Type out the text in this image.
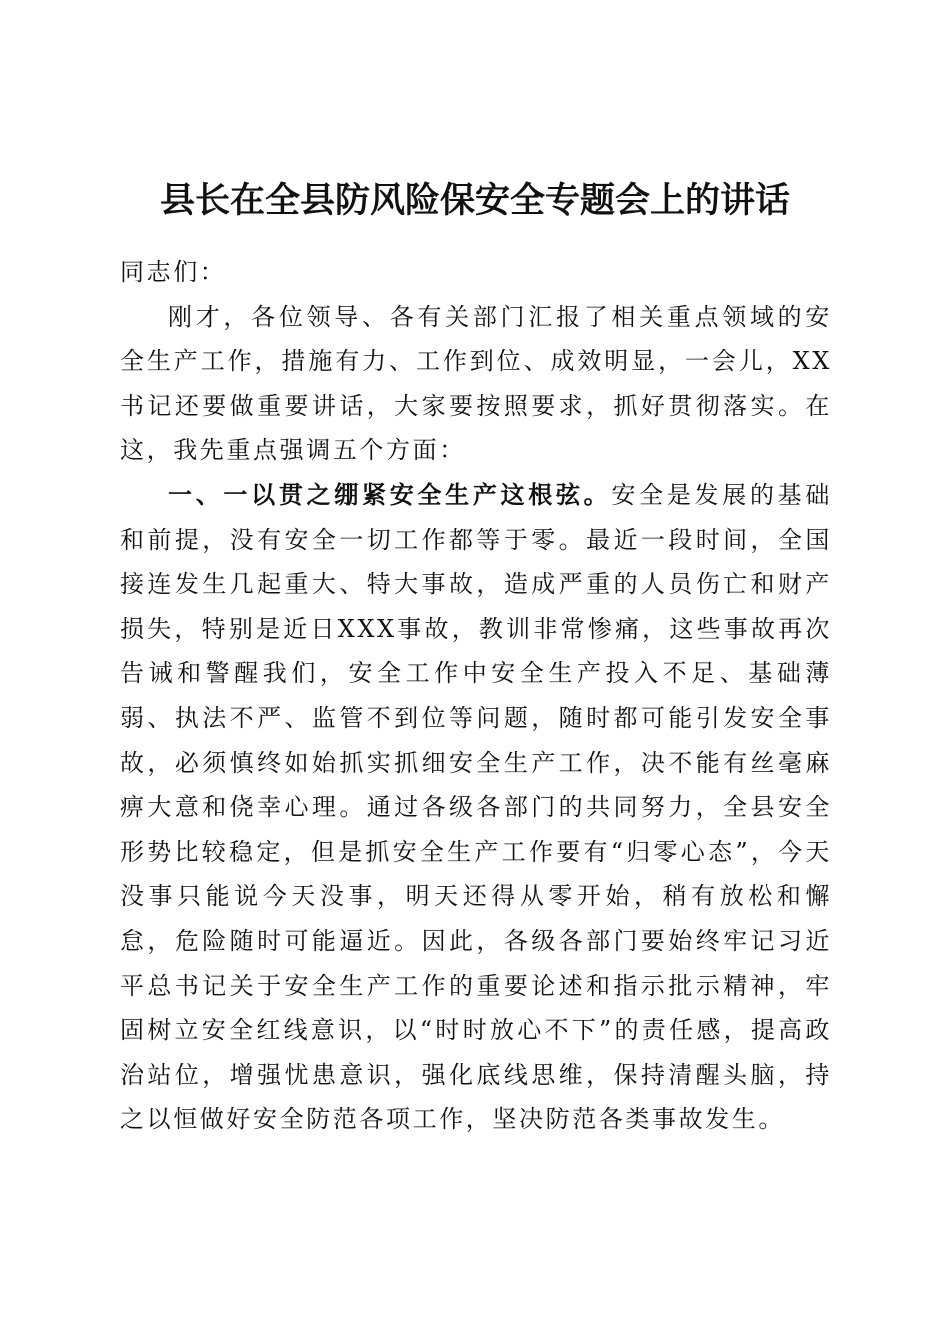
县长在全县防风险保安全专题会上的讲话

同志们：

刚才，各位领导、各有关部门汇报了相关重点领域的安全生产工作，措施有力、工作到位、成效明显，一会儿，XX书记还要做重要讲话，大家要按照要求，抓好贯彻落实。在这，我先重点强调五个方面：

一、一以贯之绷紧安全生产这根弦。安全是发展的基础和前提，没有安全一切工作都等于零。最近一段时间，全国接连发生几起重大、特大事故，造成严重的人员伤亡和财产损失，特别是近日XXX事故，教训非常惨痛，这些事故再次告诫和警醒我们，安全工作中安全生产投入不足、基础薄弱、执法不严、监管不到位等问题，随时都可能引发安全事故，必须慎终如始抓实抓细安全生产工作，决不能有丝毫麻痹大意和侥幸心理。通过各级各部门的共同努力，全县安全形势比较稳定，但是抓安全生产工作要有“归零心态”，今天没事只能说今天没事，明天还得从零开始，稍有放松和懈怠，危险随时可能逼近。因此，各级各部门要始终牢记习近平总书记关于安全生产工作的重要论述和指示批示精神，牢固树立安全红线意识，以“时时放心不下”的责任感，提高政治站位，增强忧患意识，强化底线思维，保持清醒头脑，持之以恒做好安全防范各项工作，坚决防范各类事故发生。
